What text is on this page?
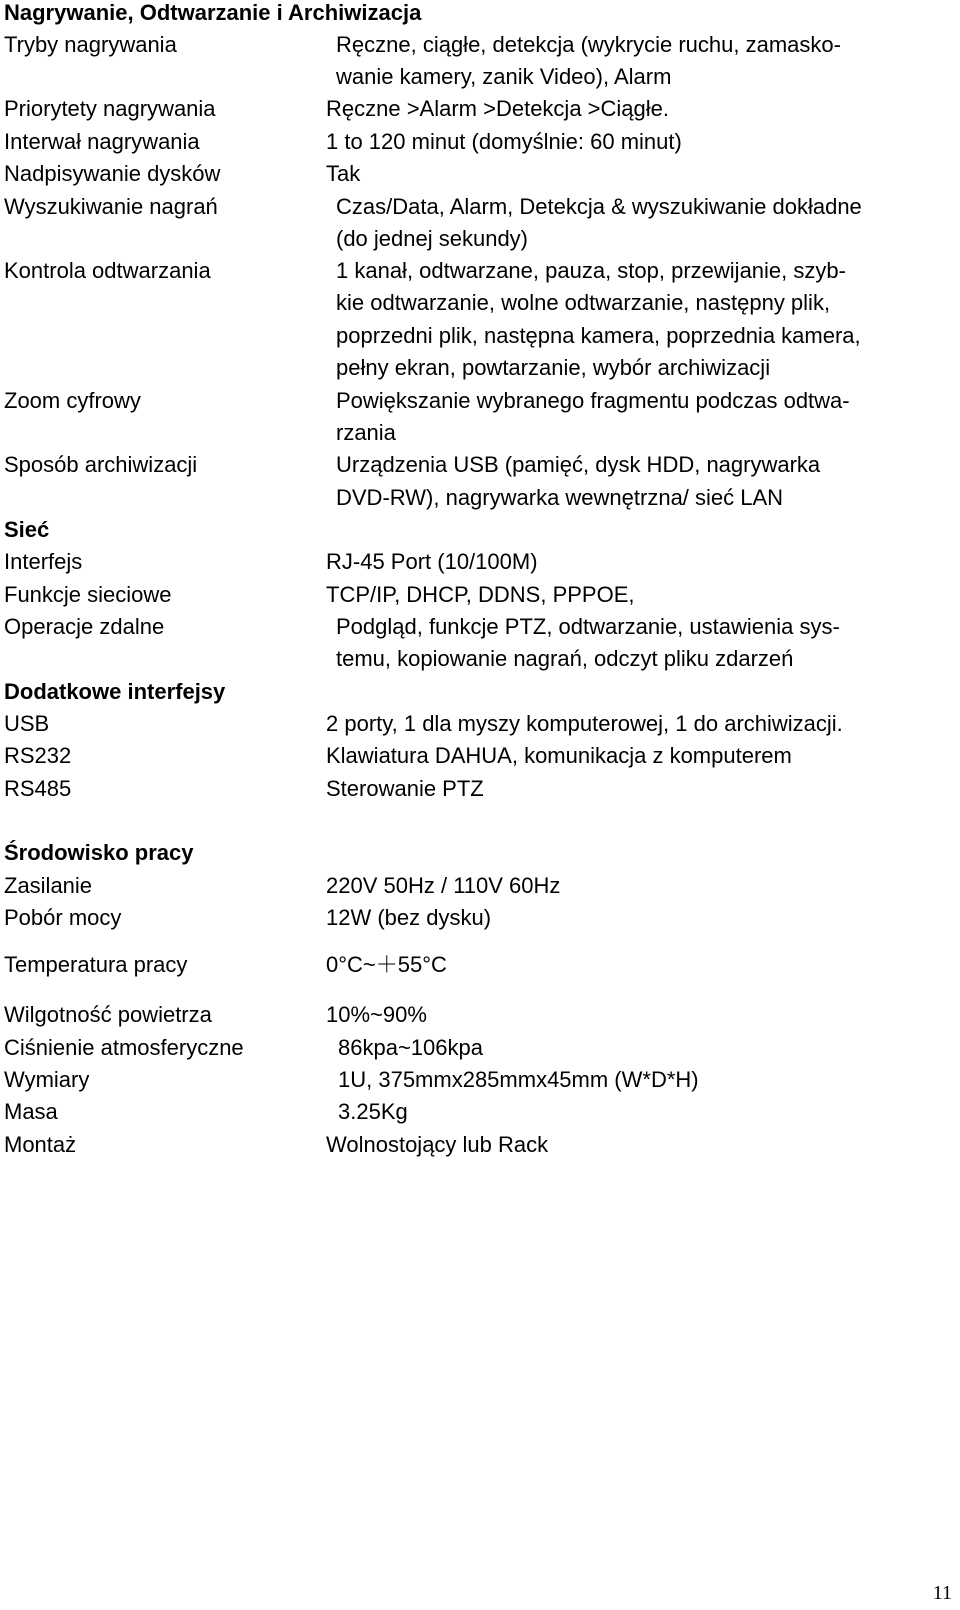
Nagrywanie, Odtwarzanie i Archiwizacja
Tryby nagrywania	Ręczne, ciągłe, detekcja (wykrycie ruchu, zamasko-
wanie kamery, zanik Video), Alarm
Priorytety nagrywania	Ręczne >Alarm >Detekcja >Ciągłe.
Interwał nagrywania	1 to 120 minut (domyślnie: 60 minut)
Nadpisywanie dysków	Tak
Wyszukiwanie nagrań	Czas/Data, Alarm, Detekcja & wyszukiwanie dokładne
(do jednej sekundy)
Kontrola odtwarzania	1 kanał, odtwarzane, pauza, stop, przewijanie, szyb-
kie odtwarzanie, wolne odtwarzanie, następny plik,
poprzedni plik, następna kamera, poprzednia kamera,
pełny ekran, powtarzanie, wybór archiwizacji
Zoom cyfrowy	Powiększanie wybranego fragmentu podczas odtwa-
rzania
Sposób archiwizacji	Urządzenia USB (pamięć, dysk HDD, nagrywarka
DVD-RW), nagrywarka wewnętrzna/ sieć LAN
Sieć
Interfejs	RJ-45 Port (10/100M)
Funkcje sieciowe	TCP/IP, DHCP, DDNS, PPPOE,
Operacje zdalne	Podgląd, funkcje PTZ, odtwarzanie, ustawienia sys-
temu, kopiowanie nagrań, odczyt pliku zdarzeń
Dodatkowe interfejsy
USB	2 porty, 1 dla myszy komputerowej, 1 do archiwizacji.
RS232	Klawiatura DAHUA, komunikacja z komputerem
RS485	Sterowanie PTZ
Środowisko pracy
Zasilanie	220V 50Hz / 110V 60Hz
Pobór mocy	12W (bez dysku)
Temperatura pracy	0°C~＋55°C
Wilgotność powietrza	10%~90%
Ciśnienie atmosferyczne	86kpa~106kpa
Wymiary	1U, 375mmx285mmx45mm (W*D*H)
Masa	3.25Kg
Montaż	Wolnostojący lub Rack
11
